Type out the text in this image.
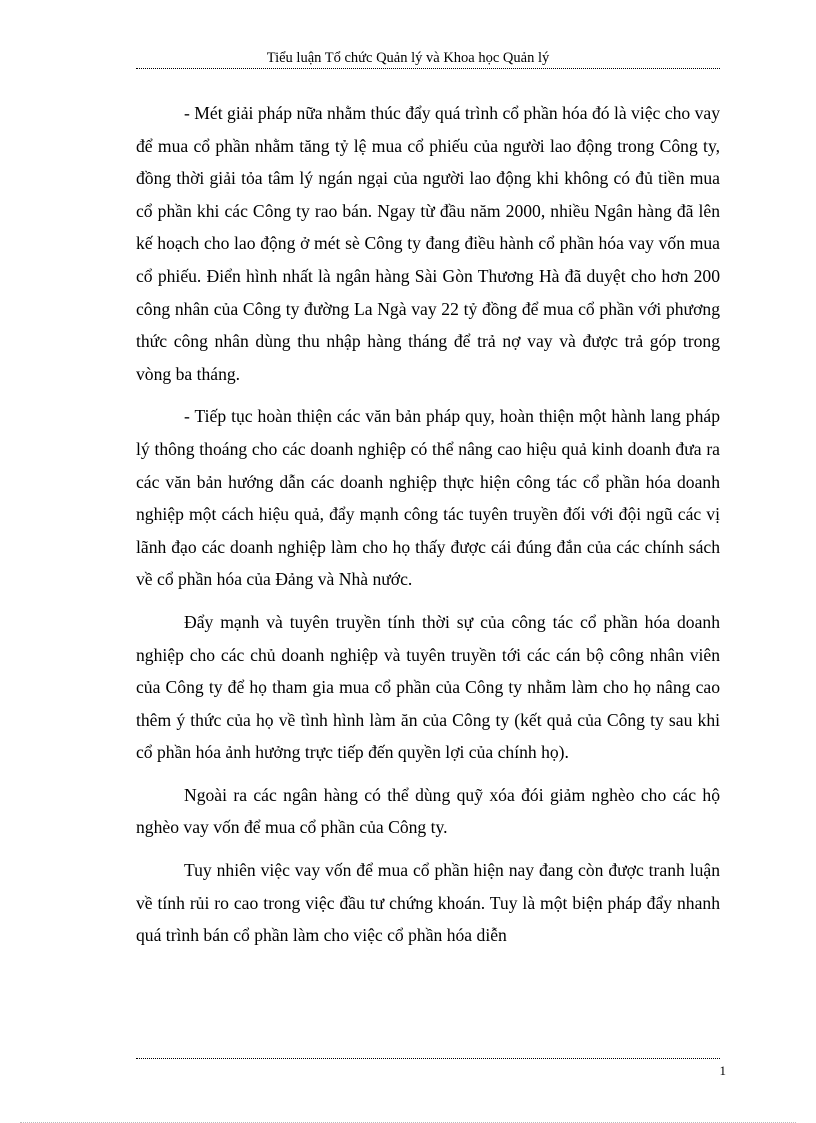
Tiểu luận Tổ chức Quản lý và Khoa học Quản lý

- Mét giải pháp nữa nhằm thúc đẩy quá trình cổ phần hóa đó là việc cho vay để mua cổ phần nhằm tăng tỷ lệ mua cổ phiếu của người lao động trong Công ty, đồng thời giải tỏa tâm lý ngán ngại của người lao động khi không có đủ tiền mua cổ phần khi các Công ty rao bán. Ngay từ đầu năm 2000, nhiều Ngân hàng đã lên kế hoạch cho lao động ở mét sè Công ty đang điều hành cổ phần hóa vay vốn mua cổ phiếu. Điển hình nhất là ngân hàng Sài Gòn Thương Hà đã duyệt cho hơn 200 công nhân của Công ty đường La Ngà vay 22 tỷ đồng để mua cổ phần với phương thức công nhân dùng thu nhập hàng tháng để trả nợ vay và được trả góp trong vòng ba tháng.

- Tiếp tục hoàn thiện các văn bản pháp quy, hoàn thiện một hành lang pháp lý thông thoáng cho các doanh nghiệp có thể nâng cao hiệu quả kinh doanh đưa ra các văn bản hướng dẫn các doanh nghiệp thực hiện công tác cổ phần hóa doanh nghiệp một cách hiệu quả, đẩy mạnh công tác tuyên truyền đối với đội ngũ các vị lãnh đạo các doanh nghiệp làm cho họ thấy được cái đúng đắn của các chính sách về cổ phần hóa của Đảng và Nhà nước.

Đẩy mạnh và tuyên truyền tính thời sự của công tác cổ phần hóa doanh nghiệp cho các chủ doanh nghiệp và tuyên truyền tới các cán bộ công nhân viên của Công ty để họ tham gia mua cổ phần của Công ty nhằm làm cho họ nâng cao thêm ý thức của họ về tình hình làm ăn của Công ty (kết quả của Công ty sau khi cổ phần hóa ảnh hưởng trực tiếp đến quyền lợi của chính họ).

Ngoài ra các ngân hàng có thể dùng quỹ xóa đói giảm nghèo cho các hộ nghèo vay vốn để mua cổ phần của Công ty.

Tuy nhiên việc vay vốn để mua cổ phần hiện nay đang còn được tranh luận về tính rủi ro cao trong việc đầu tư chứng khoán. Tuy là một biện pháp đẩy nhanh quá trình bán cổ phần làm cho việc cổ phần hóa diễn

1
